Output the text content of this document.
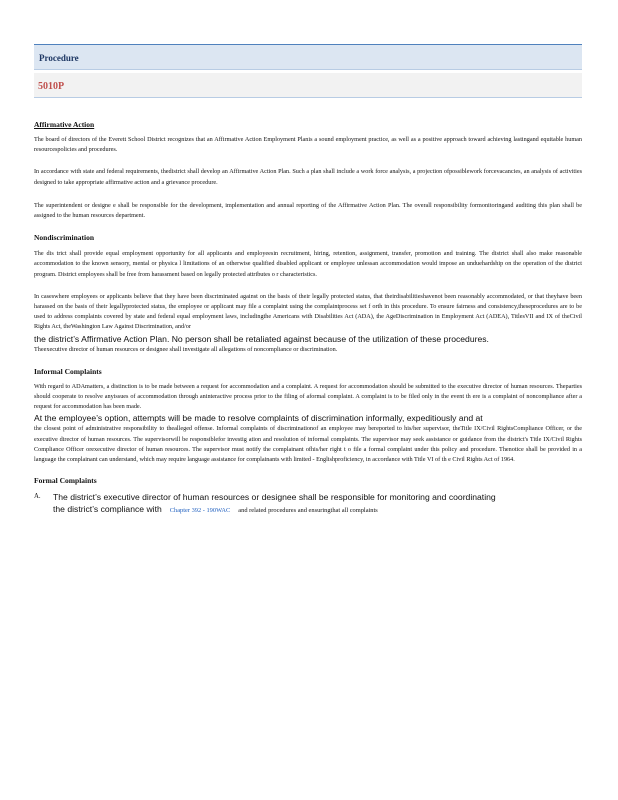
Procedure
5010P
Affirmative Action

The board of directors of the Everett School District recognizes that an Affirmative Action Employment Planis a sound employment practice, as well as a positive approach toward achieving lastingand equitable human resourcespolicies and procedures.

In accordance with state and federal requirements, thedistrict shall develop an Affirmative Action Plan. Such a plan shall include a work force analysis, a projection ofpossiblework forcevacancies, an analysis of activities designed to take appropriate affirmative action and a grievance procedure.

The superintendent or designe e shall be responsible for the development, implementation and annual reporting of the Affirmative Action Plan. The overall responsibility formonitoringand auditing this plan shall be assigned to the human resources department.

Nondiscrimination

The dis trict shall provide equal employment opportunity for all applicants and employeesin recruitment, hiring, retention, assignment, transfer, promotion and training. The district shall also make reasonable accommodation to the known sensory, mental or physica l limitations of an otherwise qualified disabled applicant or employee unlessan accommodation would impose an unduehardship on the operation of the district program. District employees shall be free from harassment based on legally protected attributes o r characteristics.

In caseswhere employees or applicants believe that they have been discriminated against on the basis of their legally protected status, that theirdisabilitieshavenot been reasonably accommodated, or that theyhave been harassed on the basis of their legallyprotected status, the employee or applicant may file a complaint using the complaintprocess set f orth in this procedure. To ensure fairness and consistency,theseprocedures are to be used to address complaints covered by state and federal equal employment laws, includingthe Americans with Disabilities Act (ADA), the AgeDiscrimination in Employment Act (ADEA), TitlesVII and IX of theCivil Rights Act, theWashington Law Against Discrimination, and/or

the district’s Affirmative Action Plan. No person shall be retaliated against because of the utilization of these procedures.

Theexecutive director of human resources or designee shall investigate all allegations of noncompliance or discrimination.

Informal Complaints

With regard to ADAmatters, a distinction is to be made between a request for accommodation and a complaint. A request for accommodation should be submitted to the executive director of human resources. Theparties should cooperate to resolve anyissues of accommodation through aninteractive process prior to the filing of aformal complaint. A complaint is to be filed only in the event th ere is a complaint of noncompliance after a request for accommodation has been made.

At the employee’s option, attempts will be made to resolve complaints of discrimination informally, expeditiously and at

the closest point of administrative responsibility to thealleged offense. Informal complaints of discriminationof an employee may bereported to his/her supervisor, theTitle IX/Civil RightsCompliance Officer, or the executive director of human resources. The supervisorwill be responsiblefor investig ation and resolution of informal complaints. The supervisor may seek assistance or guidance from the district's Title IX/Civil Rights Compliance Officer orexecutive director of human resources. The supervisor must notify the complainant ofhis/her right t o file a formal complaint under this policy and procedure. Thenotice shall be provided in a language the complainant can understand, which may require language assistance for complainants with limited - Englishproficiency, in accordance with Title VI of th e Civil Rights Act of 1964.

Formal Complaints
A.	The district’s executive director of human resources or designee shall be responsible for monitoring and coordinating
the district’s compliance with Chapter 392 - 190WAC and related procedures and ensuringthat all complaints
